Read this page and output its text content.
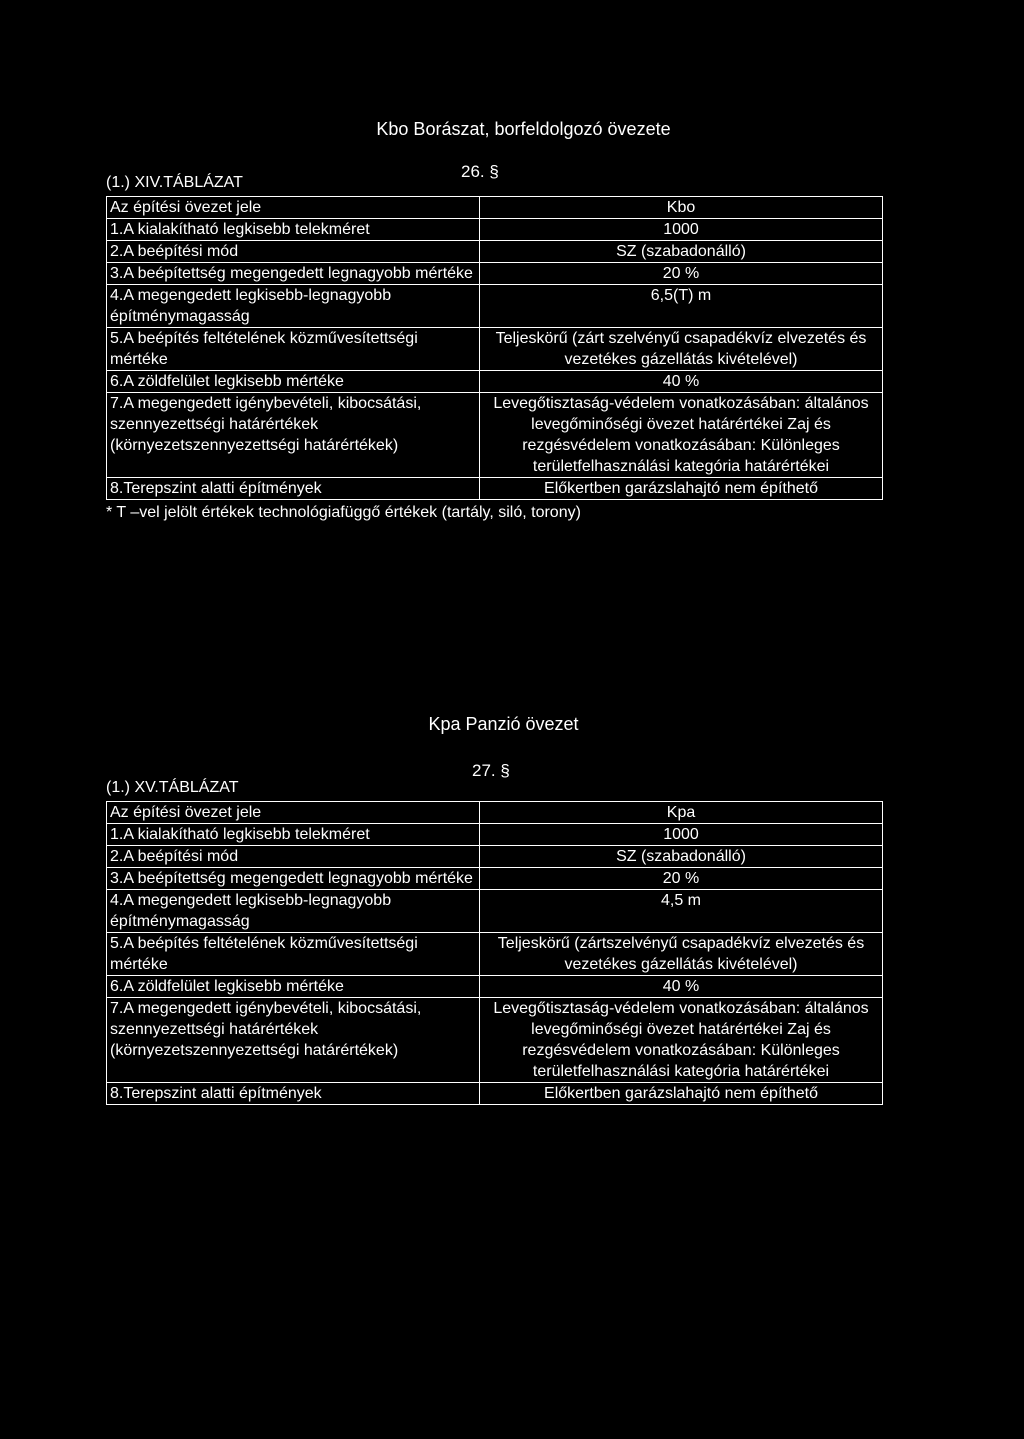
Kbo Borászat, borfeldolgozó övezete
26. §
(1.) XIV.TÁBLÁZAT
Az építési övezet jele	Kbo
1.A kialakítható legkisebb telekméret	1000
2.A beépítési mód	SZ (szabadonálló)
3.A beépítettség megengedett legnagyobb mértéke	20 %
4.A megengedett legkisebb-legnagyobb építménymagasság	6,5(T) m
5.A beépítés feltételének közművesítettségi mértéke	Teljeskörű (zárt szelvényű csapadékvíz elvezetés és vezetékes gázellátás kivételével)
6.A zöldfelület legkisebb mértéke	40 %
7.A megengedett igénybevételi, kibocsátási, szennyezettségi határértékek (környezetszennyezettségi határértékek)	Levegőtisztaság-védelem vonatkozásában: általános levegőminőségi övezet határértékei Zaj és rezgésvédelem vonatkozásában: Különleges területfelhasználási kategória határértékei
8.Terepszint alatti építmények	Előkertben garázslahajtó nem építhető
* T –vel jelölt értékek technológiafüggő értékek (tartály, siló, torony)
Kpa Panzió övezet
27. §
(1.) XV.TÁBLÁZAT
Az építési övezet jele	Kpa
1.A kialakítható legkisebb telekméret	1000
2.A beépítési mód	SZ (szabadonálló)
3.A beépítettség megengedett legnagyobb mértéke	20 %
4.A megengedett legkisebb-legnagyobb építménymagasság	4,5 m
5.A beépítés feltételének közművesítettségi mértéke	Teljeskörű (zártszelvényű csapadékvíz elvezetés és vezetékes gázellátás kivételével)
6.A zöldfelület legkisebb mértéke	40 %
7.A megengedett igénybevételi, kibocsátási, szennyezettségi határértékek (környezetszennyezettségi határértékek)	Levegőtisztaság-védelem vonatkozásában: általános levegőminőségi övezet határértékei Zaj és rezgésvédelem vonatkozásában: Különleges területfelhasználási kategória határértékei
8.Terepszint alatti építmények	Előkertben garázslahajtó nem építhető
